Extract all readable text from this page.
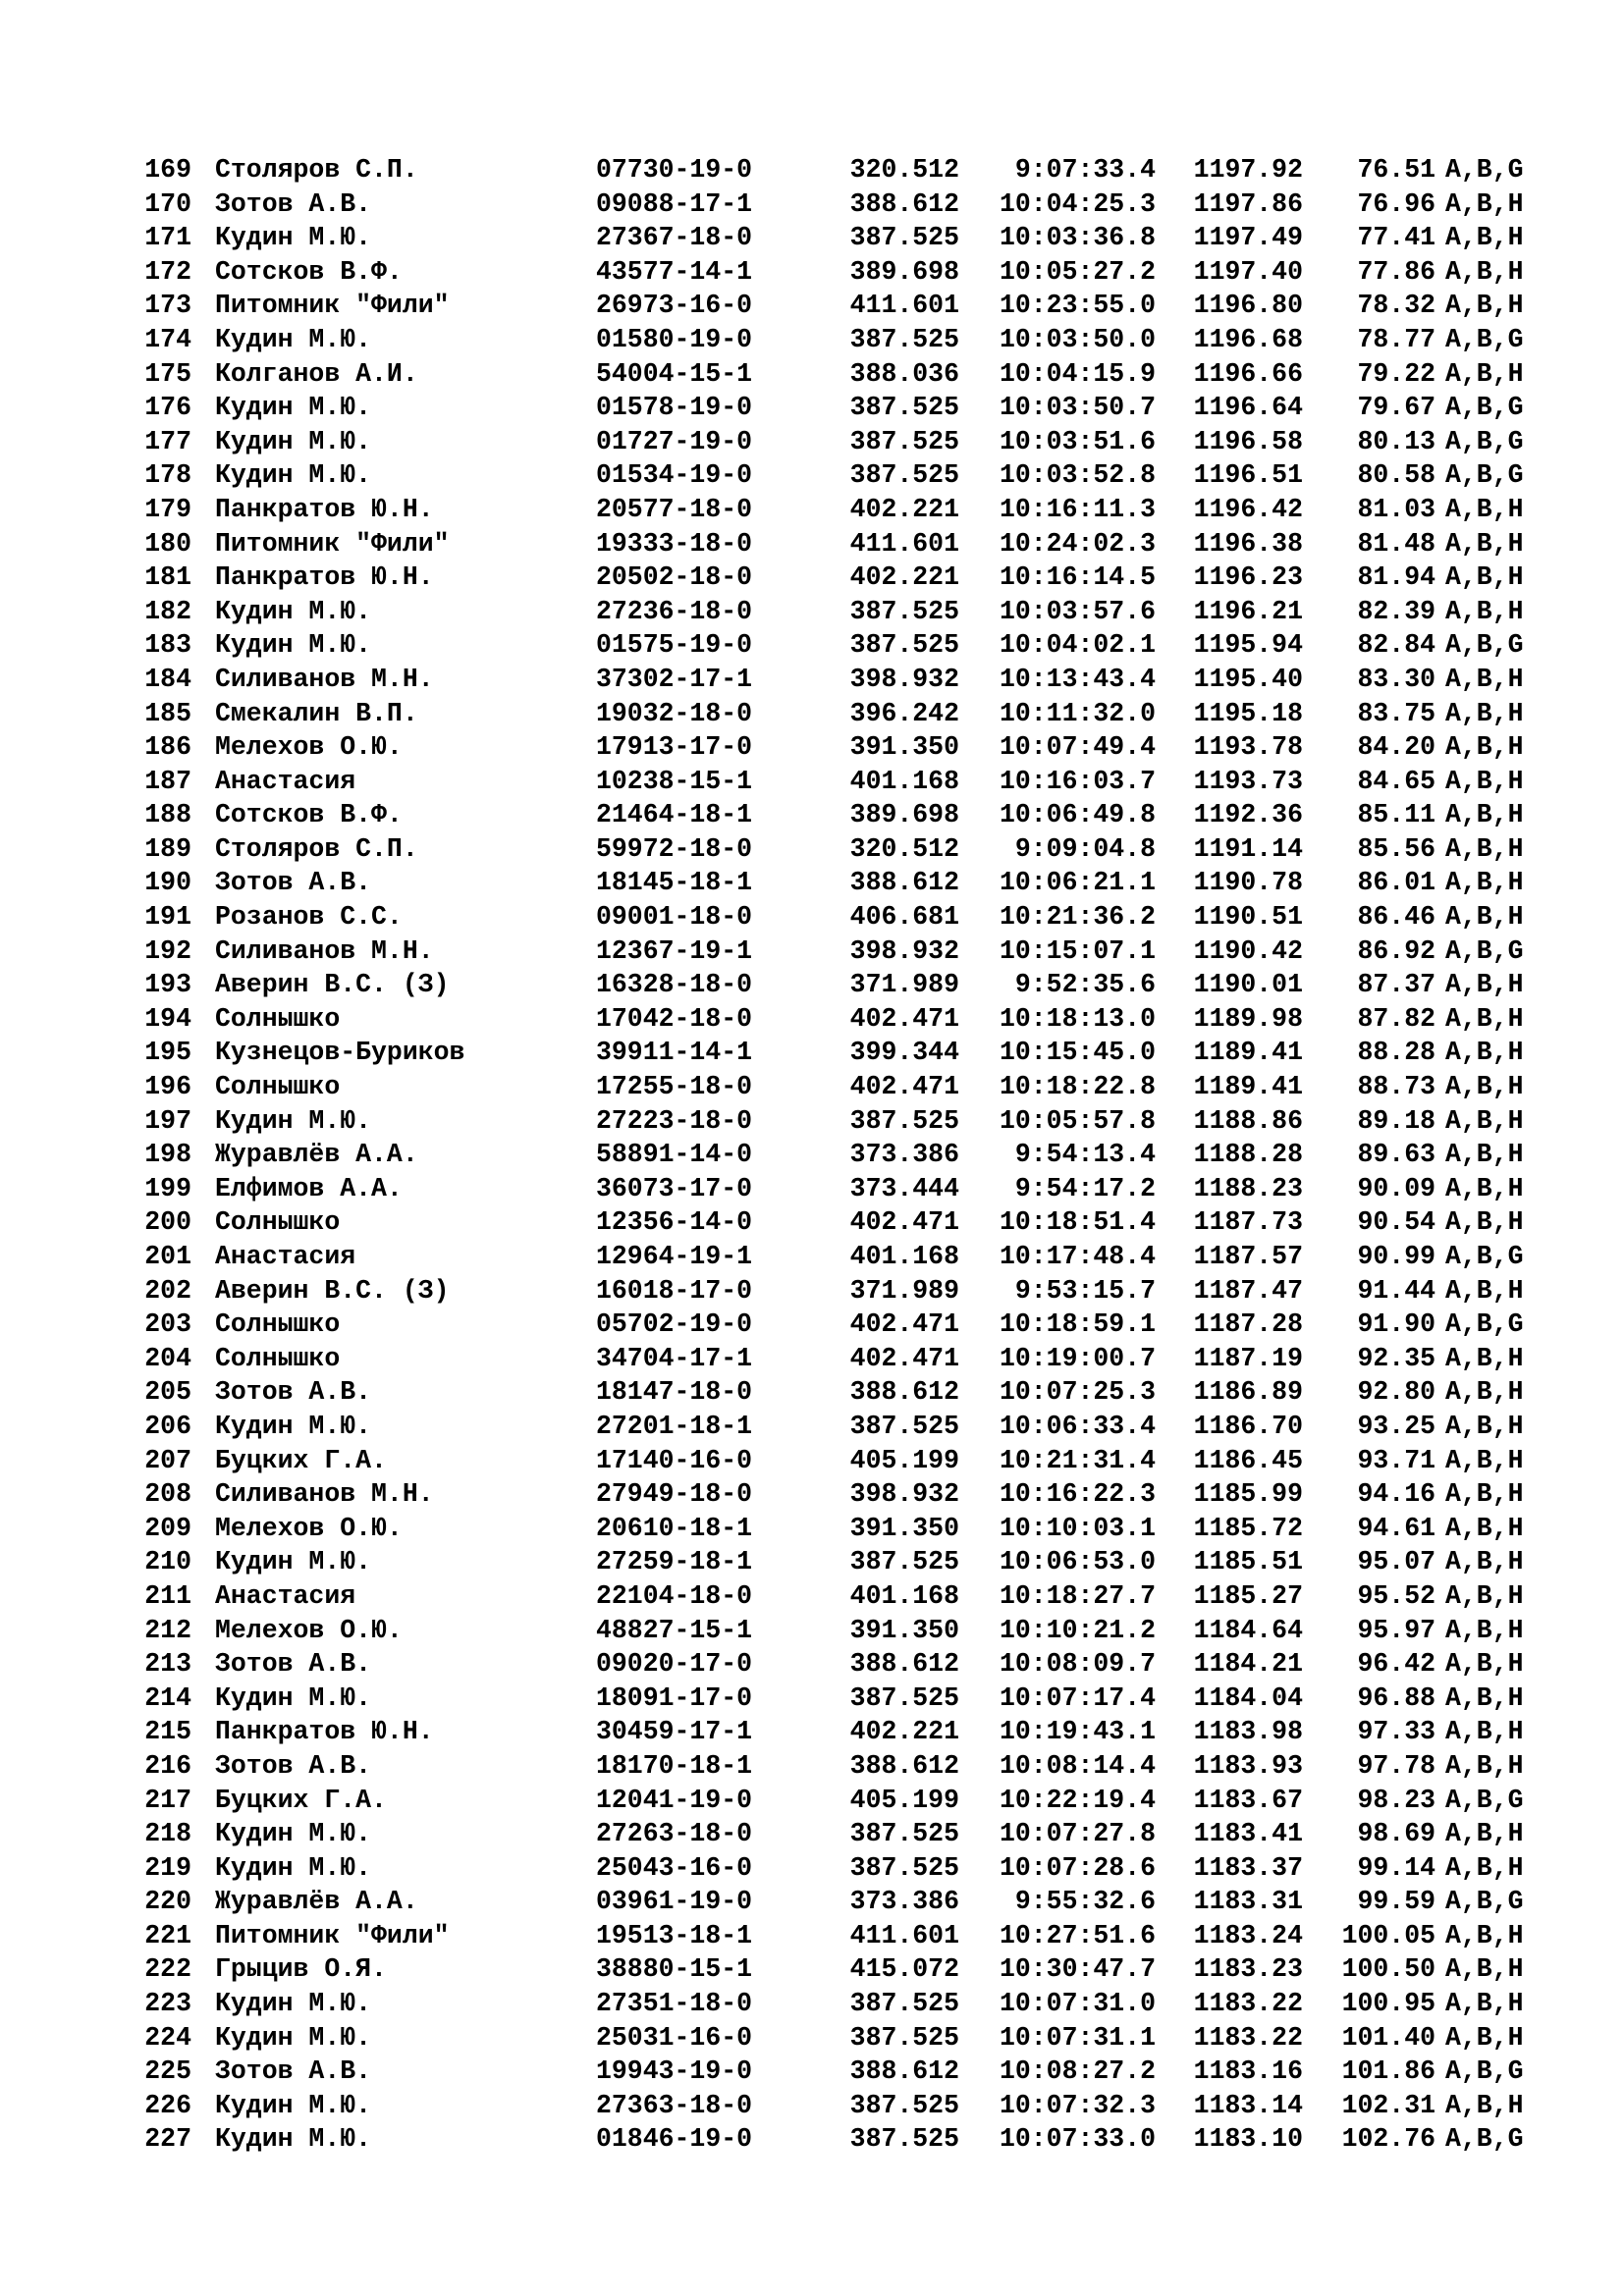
169 Столяров С.П.	07730-19-0	320.512	9:07:33.4	1197.92	76.51 A,B,G
170 Зотов А.В.	09088-17-1	388.612	10:04:25.3	1197.86	76.96 A,B,H
171 Кудин М.Ю.	27367-18-0	387.525	10:03:36.8	1197.49	77.41 A,B,H
172 Сотсков В.Ф.	43577-14-1	389.698	10:05:27.2	1197.40	77.86 A,B,H
173 Питомник "Фили"	26973-16-0	411.601	10:23:55.0	1196.80	78.32 A,B,H
174 Кудин М.Ю.	01580-19-0	387.525	10:03:50.0	1196.68	78.77 A,B,G
175 Колганов А.И.	54004-15-1	388.036	10:04:15.9	1196.66	79.22 A,B,H
176 Кудин М.Ю.	01578-19-0	387.525	10:03:50.7	1196.64	79.67 A,B,G
177 Кудин М.Ю.	01727-19-0	387.525	10:03:51.6	1196.58	80.13 A,B,G
178 Кудин М.Ю.	01534-19-0	387.525	10:03:52.8	1196.51	80.58 A,B,G
179 Панкратов Ю.Н.	20577-18-0	402.221	10:16:11.3	1196.42	81.03 A,B,H
180 Питомник "Фили"	19333-18-0	411.601	10:24:02.3	1196.38	81.48 A,B,H
181 Панкратов Ю.Н.	20502-18-0	402.221	10:16:14.5	1196.23	81.94 A,B,H
182 Кудин М.Ю.	27236-18-0	387.525	10:03:57.6	1196.21	82.39 A,B,H
183 Кудин М.Ю.	01575-19-0	387.525	10:04:02.1	1195.94	82.84 A,B,G
184 Силиванов М.Н.	37302-17-1	398.932	10:13:43.4	1195.40	83.30 A,B,H
185 Смекалин В.П.	19032-18-0	396.242	10:11:32.0	1195.18	83.75 A,B,H
186 Мелехов О.Ю.	17913-17-0	391.350	10:07:49.4	1193.78	84.20 A,B,H
187 Анастасия	10238-15-1	401.168	10:16:03.7	1193.73	84.65 A,B,H
188 Сотсков В.Ф.	21464-18-1	389.698	10:06:49.8	1192.36	85.11 A,B,H
189 Столяров С.П.	59972-18-0	320.512	9:09:04.8	1191.14	85.56 A,B,H
190 Зотов А.В.	18145-18-1	388.612	10:06:21.1	1190.78	86.01 A,B,H
191 Розанов С.С.	09001-18-0	406.681	10:21:36.2	1190.51	86.46 A,B,H
192 Силиванов М.Н.	12367-19-1	398.932	10:15:07.1	1190.42	86.92 A,B,G
193 Аверин В.С. (З)	16328-18-0	371.989	9:52:35.6	1190.01	87.37 A,B,H
194 Солнышко	17042-18-0	402.471	10:18:13.0	1189.98	87.82 A,B,H
195 Кузнецов-Буриков	39911-14-1	399.344	10:15:45.0	1189.41	88.28 A,B,H
196 Солнышко	17255-18-0	402.471	10:18:22.8	1189.41	88.73 A,B,H
197 Кудин М.Ю.	27223-18-0	387.525	10:05:57.8	1188.86	89.18 A,B,H
198 Журавлёв А.А.	58891-14-0	373.386	9:54:13.4	1188.28	89.63 A,B,H
199 Елфимов А.А.	36073-17-0	373.444	9:54:17.2	1188.23	90.09 A,B,H
200 Солнышко	12356-14-0	402.471	10:18:51.4	1187.73	90.54 A,B,H
201 Анастасия	12964-19-1	401.168	10:17:48.4	1187.57	90.99 A,B,G
202 Аверин В.С. (З)	16018-17-0	371.989	9:53:15.7	1187.47	91.44 A,B,H
203 Солнышко	05702-19-0	402.471	10:18:59.1	1187.28	91.90 A,B,G
204 Солнышко	34704-17-1	402.471	10:19:00.7	1187.19	92.35 A,B,H
205 Зотов А.В.	18147-18-0	388.612	10:07:25.3	1186.89	92.80 A,B,H
206 Кудин М.Ю.	27201-18-1	387.525	10:06:33.4	1186.70	93.25 A,B,H
207 Буцких Г.А.	17140-16-0	405.199	10:21:31.4	1186.45	93.71 A,B,H
208 Силиванов М.Н.	27949-18-0	398.932	10:16:22.3	1185.99	94.16 A,B,H
209 Мелехов О.Ю.	20610-18-1	391.350	10:10:03.1	1185.72	94.61 A,B,H
210 Кудин М.Ю.	27259-18-1	387.525	10:06:53.0	1185.51	95.07 A,B,H
211 Анастасия	22104-18-0	401.168	10:18:27.7	1185.27	95.52 A,B,H
212 Мелехов О.Ю.	48827-15-1	391.350	10:10:21.2	1184.64	95.97 A,B,H
213 Зотов А.В.	09020-17-0	388.612	10:08:09.7	1184.21	96.42 A,B,H
214 Кудин М.Ю.	18091-17-0	387.525	10:07:17.4	1184.04	96.88 A,B,H
215 Панкратов Ю.Н.	30459-17-1	402.221	10:19:43.1	1183.98	97.33 A,B,H
216 Зотов А.В.	18170-18-1	388.612	10:08:14.4	1183.93	97.78 A,B,H
217 Буцких Г.А.	12041-19-0	405.199	10:22:19.4	1183.67	98.23 A,B,G
218 Кудин М.Ю.	27263-18-0	387.525	10:07:27.8	1183.41	98.69 A,B,H
219 Кудин М.Ю.	25043-16-0	387.525	10:07:28.6	1183.37	99.14 A,B,H
220 Журавлёв А.А.	03961-19-0	373.386	9:55:32.6	1183.31	99.59 A,B,G
221 Питомник "Фили"	19513-18-1	411.601	10:27:51.6	1183.24	100.05 A,B,H
222 Грыцив О.Я.	38880-15-1	415.072	10:30:47.7	1183.23	100.50 A,B,H
223 Кудин М.Ю.	27351-18-0	387.525	10:07:31.0	1183.22	100.95 A,B,H
224 Кудин М.Ю.	25031-16-0	387.525	10:07:31.1	1183.22	101.40 A,B,H
225 Зотов А.В.	19943-19-0	388.612	10:08:27.2	1183.16	101.86 A,B,G
226 Кудин М.Ю.	27363-18-0	387.525	10:07:32.3	1183.14	102.31 A,B,H
227 Кудин М.Ю.	01846-19-0	387.525	10:07:33.0	1183.10	102.76 A,B,G
